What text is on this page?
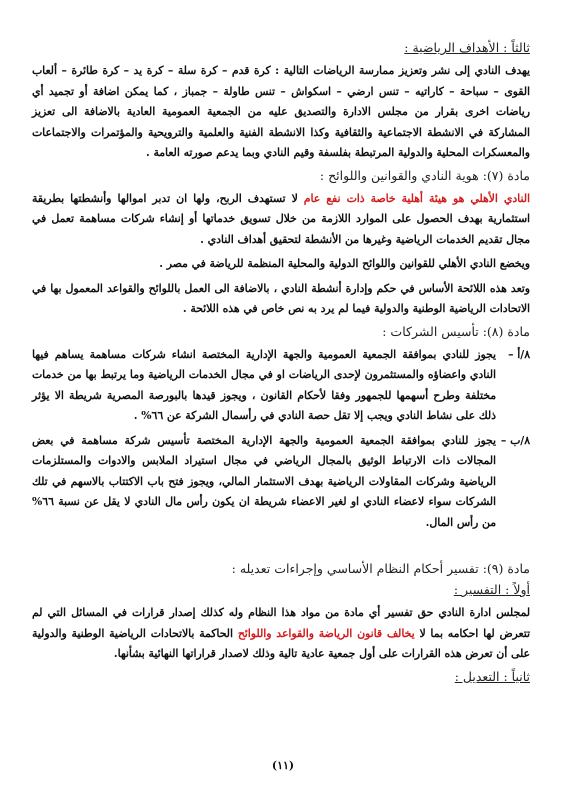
ثالثاً : الأهداف الرياضية :

يهدف النادي إلى نشر وتعزيز ممارسة الرياضات التالية : كرة قدم – كرة سلة – كرة يد – كرة طائرة – ألعاب القوى – سباحة – كاراتيه – تنس ارضي – اسكواش – تنس طاولة – جمباز ، كما يمكن اضافة أو تجميد أي رياضات اخرى بقرار من مجلس الادارة والتصديق عليه من الجمعية العمومية العادية بالاضافة الى تعزيز المشاركة في الانشطة الاجتماعية والثقافية وكذا الانشطة الفنية والعلمية والترويحية والمؤتمرات والاجتماعات والمعسكرات المحلية والدولية المرتبطة بفلسفة وقيم النادي وبما يدعم صورته العامة .

مادة (٧): هوية النادي والقوانين واللوائح :

النادي الأهلي هو هيئة أهلية خاصة ذات نفع عام لا تستهدف الربح، ولها ان تدبر اموالها وأنشطتها بطريقة استثمارية بهدف الحصول على الموارد اللازمة من خلال تسويق خدماتها أو إنشاء شركات مساهمة تعمل في مجال تقديم الخدمات الرياضية وغيرها من الأنشطة لتحقيق أهداف النادي .

ويخضع النادي الأهلي للقوانين واللوائح الدولية والمحلية المنظمة للرياضة في مصر .

وتعد هذه اللائحة الأساس في حكم وإدارة أنشطة النادي ، بالاضافة الى العمل باللوائح والقواعد المعمول بها في الاتحادات الرياضية الوطنية والدولية فيما لم يرد به نص خاص في هذه اللائحة .

مادة (٨): تأسيس الشركات :
٨/أ –
يجوز للنادي بموافقة الجمعية العمومية والجهة الإدارية المختصة انشاء شركات مساهمة يساهم فيها النادي واعضاؤه والمستثمرون لإحدى الرياضات او في مجال الخدمات الرياضية وما يرتبط بها من خدمات مختلفة وطرح أسهمها للجمهور وفقا لأحكام القانون ، ويجوز قيدها بالبورصة المصرية شريطة الا يؤثر ذلك على نشاط النادي ويجب إلا تقل حصة النادي في رأسمال الشركة عن ٦٦% .
٨/ب –
يجوز للنادي بموافقة الجمعية العمومية والجهة الإدارية المختصة تأسيس شركة مساهمة في بعض المجالات ذات الارتباط الوثيق بالمجال الرياضي في مجال استيراد الملابس والادوات والمستلزمات الرياضية وشركات المقاولات الرياضية بهدف الاستثمار المالي، ويجوز فتح باب الاكتتاب بالاسهم في تلك الشركات سواء لاعضاء النادي او لغير الاعضاء شريطة ان يكون رأس مال النادي لا يقل عن نسبة ٦٦% من رأس المال.
مادة (٩): تفسير أحكام النظام الأساسي وإجراءات تعديله :
أولاً : التفسير :

لمجلس ادارة النادي حق تفسير أي مادة من مواد هذا النظام وله كذلك إصدار قرارات في المسائل التي لم تتعرض لها احكامه بما لا يخالف قانون الرياضة والقواعد واللوائح الحاكمة بالاتحادات الرياضية الوطنية والدولية على أن تعرض هذه القرارات على أول جمعية عادية تالية وذلك لاصدار قراراتها النهائية بشأنها.

ثانياً : التعديل :
(١١)
